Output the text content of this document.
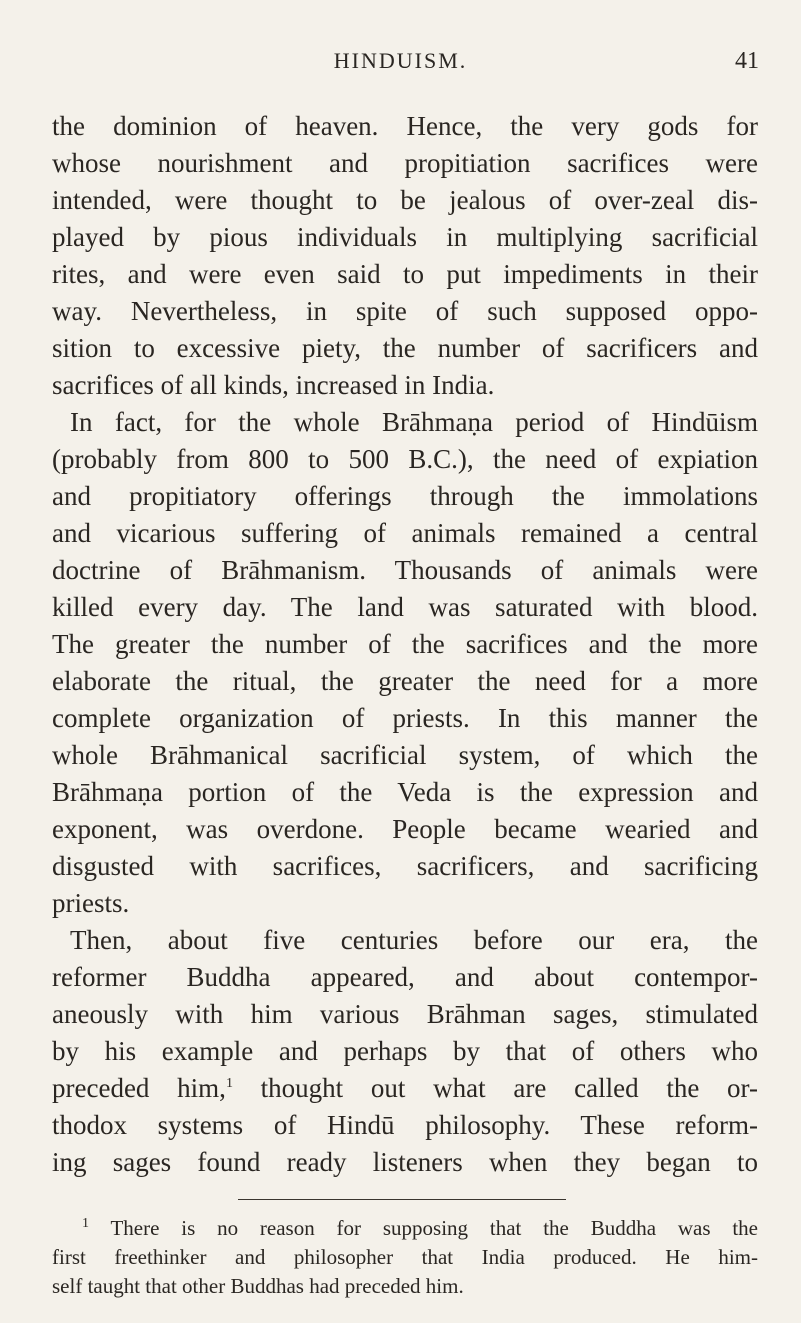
HINDUISM.	41
the dominion of heaven. Hence, the very gods for
whose nourishment and propitiation sacrifices were
intended, were thought to be jealous of over-zeal dis-
played by pious individuals in multiplying sacrificial
rites, and were even said to put impediments in their
way. Nevertheless, in spite of such supposed oppo-
sition to excessive piety, the number of sacrificers and
sacrifices of all kinds, increased in India.
In fact, for the whole Brāhmaṇa period of Hindūism
(probably from 800 to 500 B.C.), the need of expiation
and propitiatory offerings through the immolations
and vicarious suffering of animals remained a central
doctrine of Brāhmanism. Thousands of animals were
killed every day. The land was saturated with blood.
The greater the number of the sacrifices and the more
elaborate the ritual, the greater the need for a more
complete organization of priests. In this manner the
whole Brāhmanical sacrificial system, of which the
Brāhmaṇa portion of the Veda is the expression and
exponent, was overdone. People became wearied and
disgusted with sacrifices, sacrificers, and sacrificing
priests.
Then, about five centuries before our era, the
reformer Buddha appeared, and about contempor-
aneously with him various Brāhman sages, stimulated
by his example and perhaps by that of others who
preceded him,$^1$ thought out what are called the or-
thodox systems of Hindū philosophy. These reform-
ing sages found ready listeners when they began to
$^1$ There is no reason for supposing that the Buddha was the
first freethinker and philosopher that India produced. He him-
self taught that other Buddhas had preceded him.
